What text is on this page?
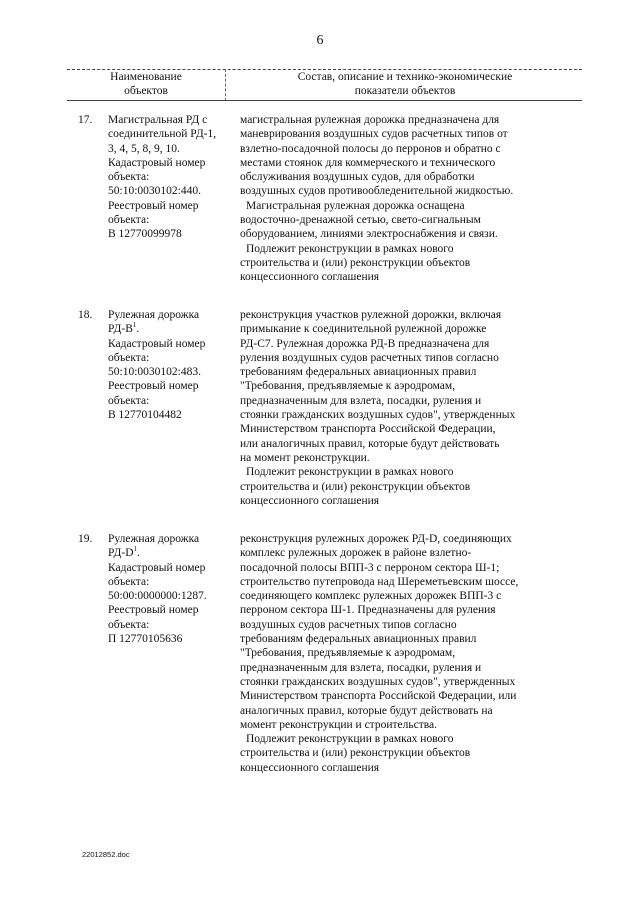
6
Наименование
объектов
Состав, описание и технико-экономические
показатели объектов
17. Магистральная РД с
соединительной РД-1,
3, 4, 5, 8, 9, 10.
Кадастровый номер
объекта:
50:10:0030102:440.
Реестровый номер
объекта:
В 12770099978
магистральная рулежная дорожка предназначена для
маневрирования воздушных судов расчетных типов от
взлетно-посадочной полосы до перронов и обратно с
местами стоянок для коммерческого и технического
обслуживания воздушных судов, для обработки
воздушных судов противообледенительной жидкостью.
Магистральная рулежная дорожка оснащена
водосточно-дренажной сетью, свето-сигнальным
оборудованием, линиями электроснабжения и связи.
Подлежит реконструкции в рамках нового
строительства и (или) реконструкции объектов
концессионного соглашения
18. Рулежная дорожка
$РД-В^1$.
Кадастровый номер
объекта:
50:10:0030102:483.
Реестровый номер
объекта:
В 12770104482
реконструкция участков рулежной дорожки, включая
примыкание к соединительной рулежной дорожке
РД-С7. Рулежная дорожка РД-В предназначена для
руления воздушных судов расчетных типов согласно
требованиям федеральных авиационных правил
"Требования, предъявляемые к аэродромам,
предназначенным для взлета, посадки, руления и
стоянки гражданских воздушных судов", утвержденных
Министерством транспорта Российской Федерации,
или аналогичных правил, которые будут действовать
на момент реконструкции.
Подлежит реконструкции в рамках нового
строительства и (или) реконструкции объектов
концессионного соглашения
19. Рулежная дорожка
$РД-D^1$.
Кадастровый номер
объекта:
50:00:0000000:1287.
Реестровый номер
объекта:
П 12770105636
реконструкция рулежных дорожек РД-D, соединяющих
комплекс рулежных дорожек в районе взлетно-
посадочной полосы ВПП-3 с перроном сектора Ш-1;
строительство путепровода над Шереметьевским шоссе,
соединяющего комплекс рулежных дорожек ВПП-3 с
перроном сектора Ш-1. Предназначены для руления
воздушных судов расчетных типов согласно
требованиям федеральных авиационных правил
"Требования, предъявляемые к аэродромам,
предназначенным для взлета, посадки, руления и
стоянки гражданских воздушных судов", утвержденных
Министерством транспорта Российской Федерации, или
аналогичных правил, которые будут действовать на
момент реконструкции и строительства.
Подлежит реконструкции в рамках нового
строительства и (или) реконструкции объектов
концессионного соглашения
22012852.doc
